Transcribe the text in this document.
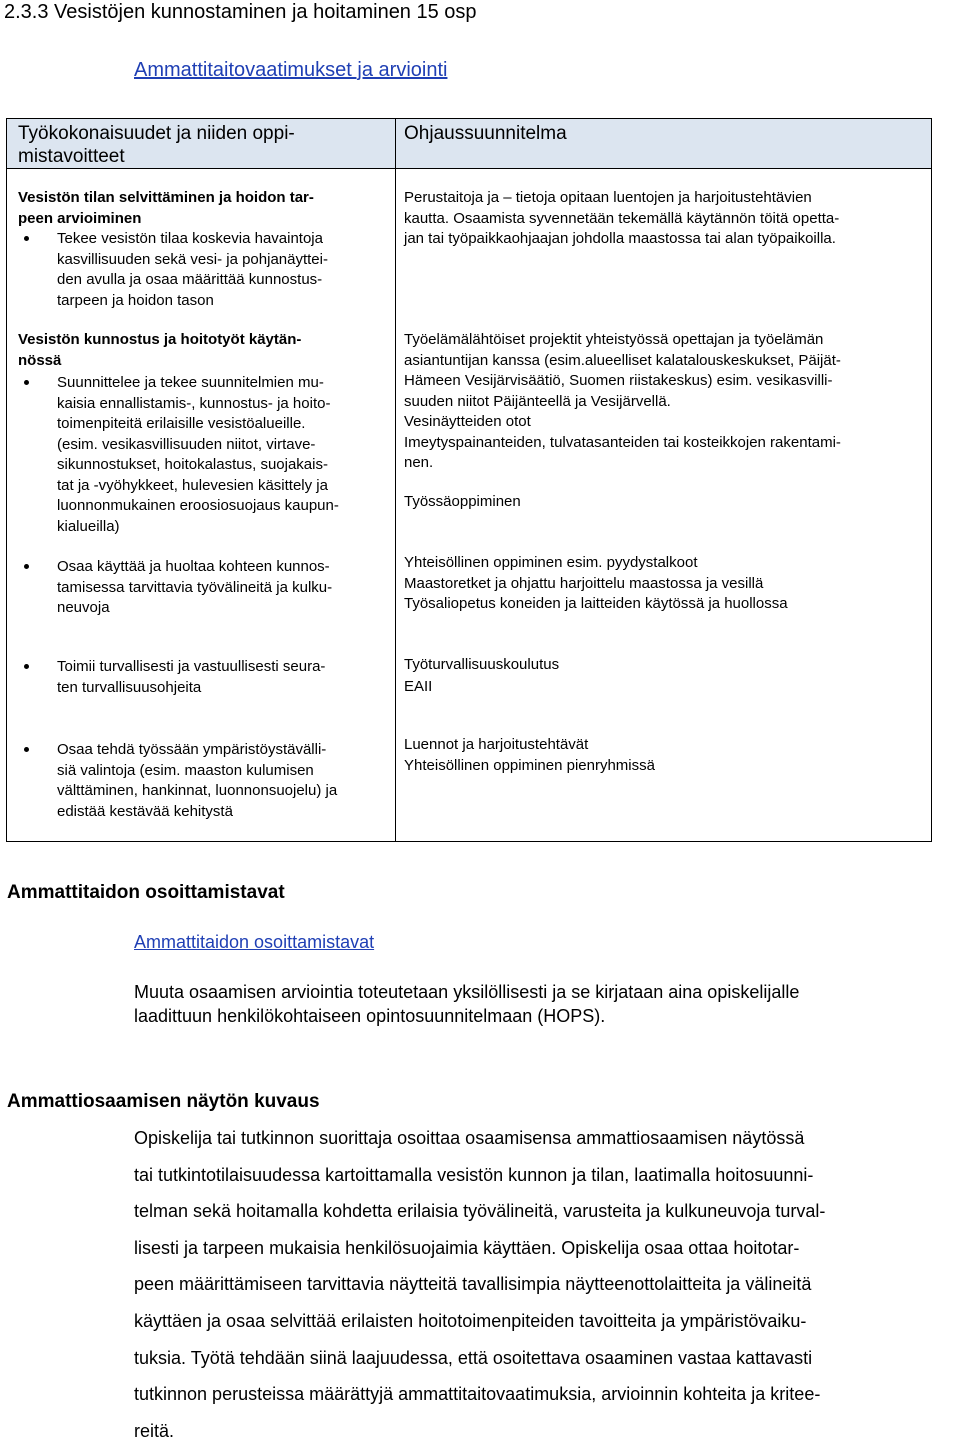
2.3.3 Vesistöjen kunnostaminen ja hoitaminen 15 osp
Ammattitaitovaatimukset ja arviointi
Työkokonaisuudet ja niiden oppi-
mistavoitteet
Ohjaussuunnitelma
Vesistön tilan selvittäminen ja hoidon tar-
peen arvioiminen
Tekee vesistön tilaa koskevia havaintoja
kasvillisuuden sekä vesi- ja pohjanäyttei-
den avulla ja osaa määrittää kunnostus-
tarpeen ja hoidon tason
Perustaitoja ja – tietoja opitaan luentojen ja harjoitustehtävien
kautta. Osaamista syvennetään tekemällä käytännön töitä opetta-
jan tai työpaikkaohjaajan johdolla maastossa tai alan työpaikoilla.
Vesistön kunnostus ja hoitotyöt käytän-
nössä
Suunnittelee ja tekee suunnitelmien mu-
kaisia ennallistamis-, kunnostus- ja hoito-
toimenpiteitä erilaisille vesistöalueille.
(esim. vesikasvillisuuden niitot, virtave-
sikunnostukset, hoitokalastus, suojakais-
tat ja -vyöhykkeet, hulevesien käsittely ja
luonnonmukainen eroosiosuojaus kaupun-
kialueilla)
Osaa käyttää ja huoltaa kohteen kunnos-
tamisessa tarvittavia työvälineitä ja kulku-
neuvoja
Työelämälähtöiset projektit yhteistyössä opettajan ja työelämän
asiantuntijan kanssa (esim.alueelliset kalatalouskeskukset, Päijät-
Hämeen Vesijärvisäätiö, Suomen riistakeskus) esim. vesikasvilli-
suuden niitot Päijänteellä ja Vesijärvellä.
Vesinäytteiden otot
Imeytyspainanteiden, tulvatasanteiden tai kosteikkojen rakentami-
nen.
Työssäoppiminen
Yhteisöllinen oppiminen esim. pyydystalkoot
Maastoretket ja ohjattu harjoittelu maastossa ja vesillä
Työsaliopetus koneiden ja laitteiden käytössä ja huollossa
Toimii turvallisesti ja vastuullisesti seura-
ten turvallisuusohjeita
Työturvallisuuskoulutus
EAII
Osaa tehdä työssään ympäristöystävälli-
siä valintoja (esim. maaston kulumisen
välttäminen, hankinnat, luonnonsuojelu) ja
edistää kestävää kehitystä
Luennot ja harjoitustehtävät
Yhteisöllinen oppiminen pienryhmissä
Ammattitaidon osoittamistavat
Ammattitaidon osoittamistavat
Muuta osaamisen arviointia toteutetaan yksilöllisesti ja se kirjataan aina opiskelijalle
laadittuun henkilökohtaiseen opintosuunnitelmaan (HOPS).
Ammattiosaamisen näytön kuvaus
Opiskelija tai tutkinnon suorittaja osoittaa osaamisensa ammattiosaamisen näytössä
tai tutkintotilaisuudessa kartoittamalla vesistön kunnon ja tilan, laatimalla hoitosuunni-
telman sekä hoitamalla kohdetta erilaisia työvälineitä, varusteita ja kulkuneuvoja turval-
lisesti ja tarpeen mukaisia henkilösuojaimia käyttäen. Opiskelija osaa ottaa hoitotar-
peen määrittämiseen tarvittavia näytteitä tavallisimpia näytteenottolaitteita ja välineitä
käyttäen ja osaa selvittää erilaisten hoitotoimenpiteiden tavoitteita ja ympäristövaiku-
tuksia. Työtä tehdään siinä laajuudessa, että osoitettava osaaminen vastaa kattavasti
tutkinnon perusteissa määrättyjä ammattitaitovaatimuksia, arvioinnin kohteita ja kritee-
reitä.
